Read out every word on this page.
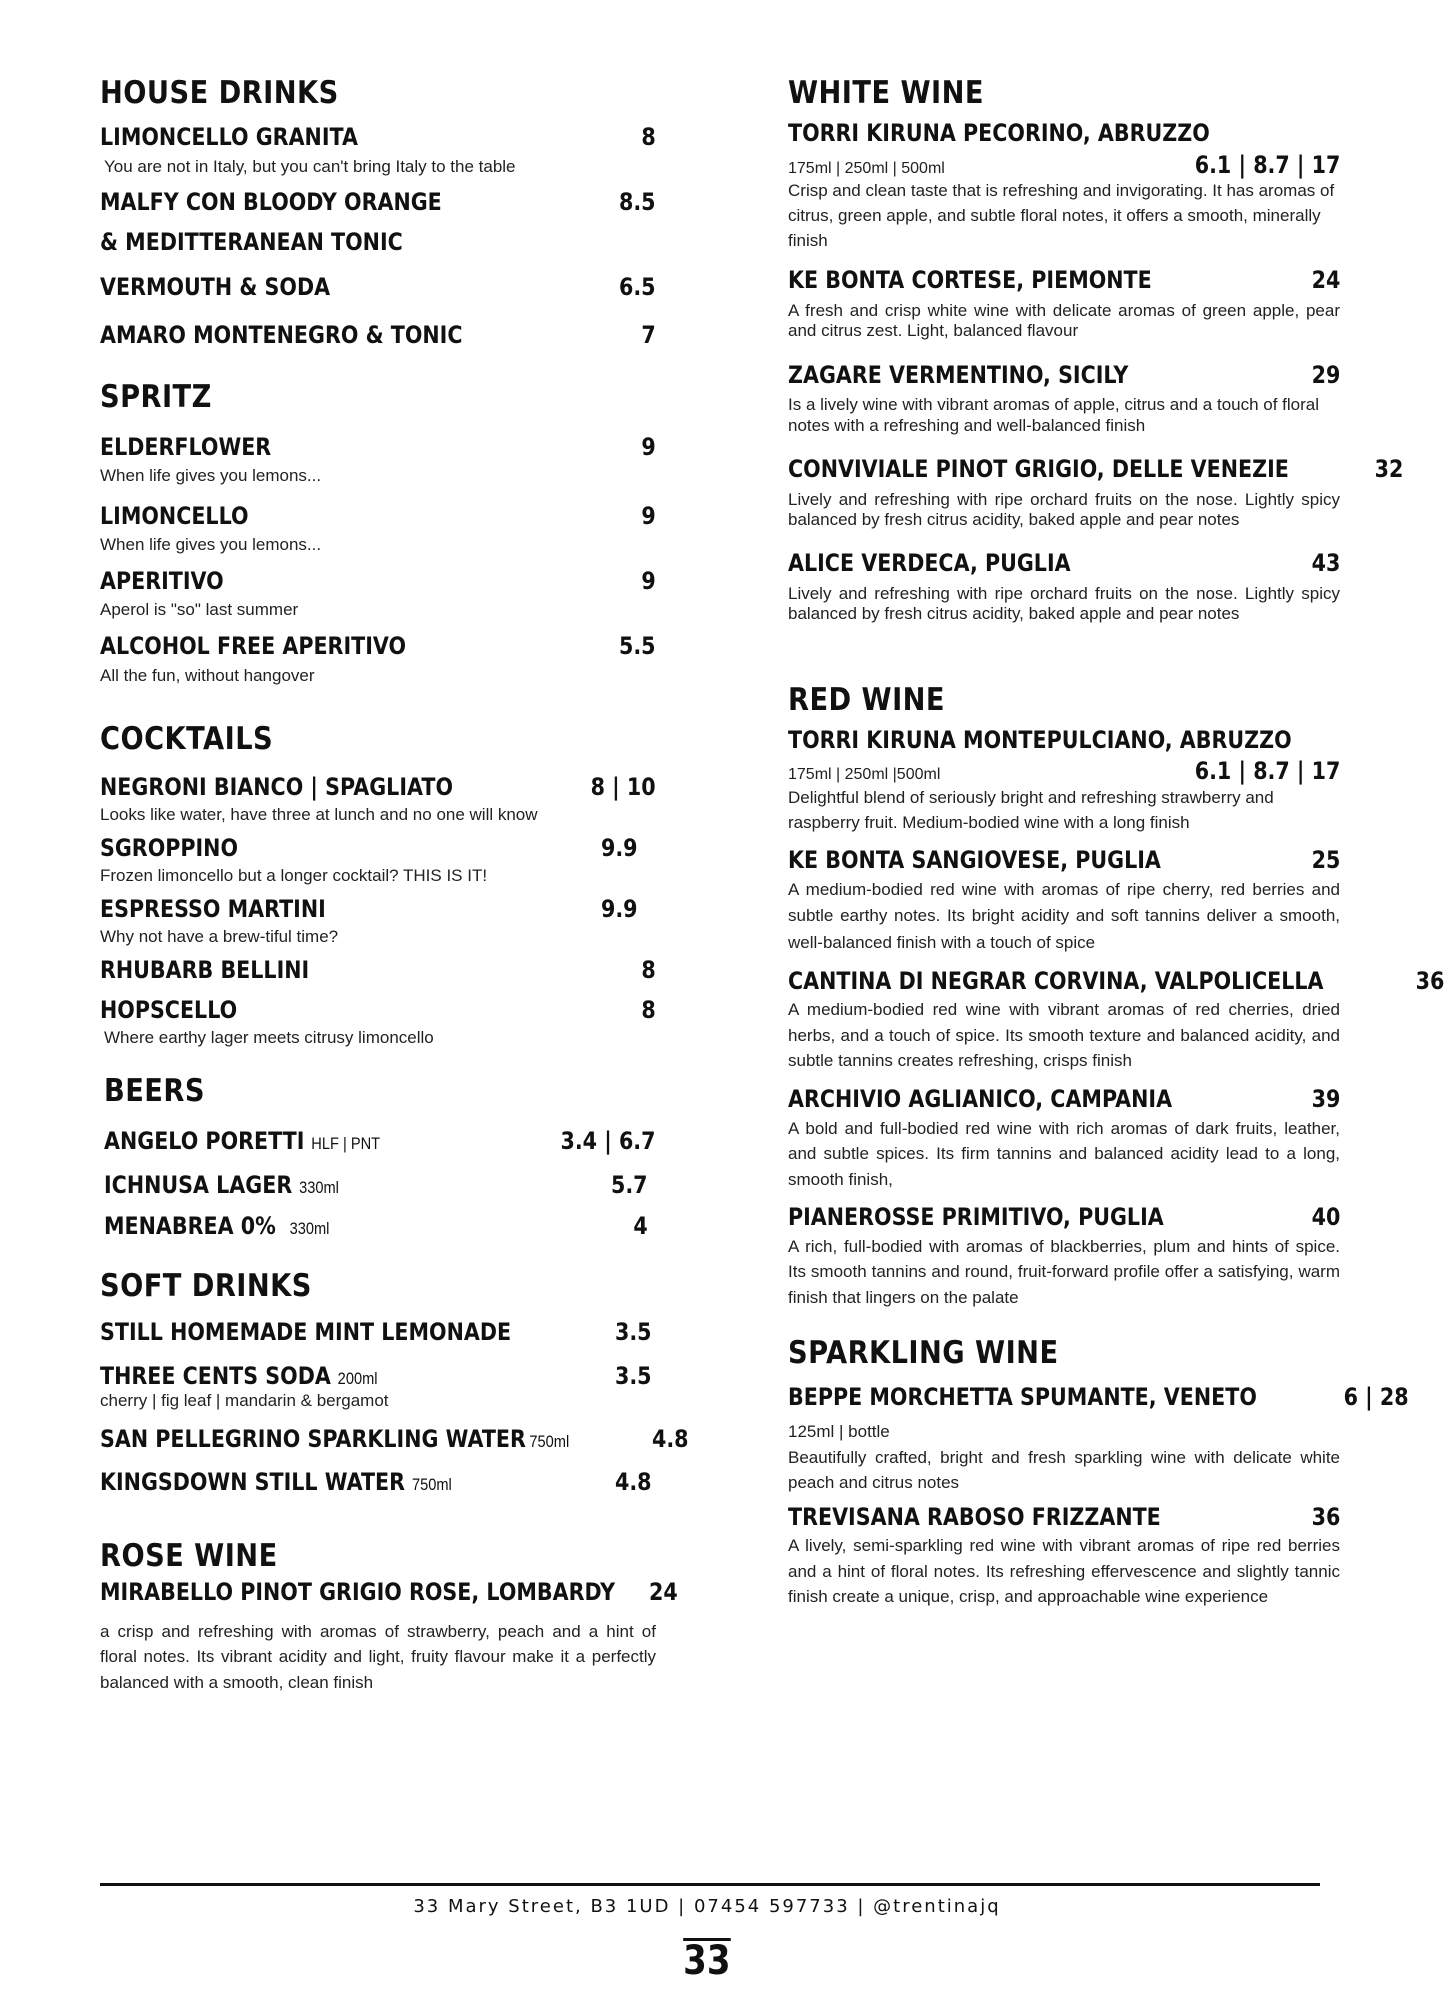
HOUSE DRINKS
LIMONCELLO GRANITA	8
You are not in Italy, but you can't bring Italy to the table
MALFY CON BLOODY ORANGE	8.5
& MEDITTERANEAN TONIC
VERMOUTH & SODA	6.5
AMARO MONTENEGRO & TONIC	7
SPRITZ
ELDERFLOWER	9
When life gives you lemons...
LIMONCELLO	9
When life gives you lemons...
APERITIVO	9
Aperol is "so" last summer
ALCOHOL FREE APERITIVO	5.5
All the fun, without hangover
COCKTAILS
NEGRONI BIANCO | SPAGLIATO	8 | 10
Looks like water, have three at lunch and no one will know
SGROPPINO	9.9
Frozen limoncello but a longer cocktail? THIS IS IT!
ESPRESSO MARTINI	9.9
Why not have a brew-tiful time?
RHUBARB BELLINI	8
HOPSCELLO	8
Where earthy lager meets citrusy limoncello
BEERS
ANGELO PORETTI HLF | PNT	3.4 | 6.7
ICHNUSA LAGER 330ml	5.7
MENABREA 0% 330ml	4
SOFT DRINKS
STILL HOMEMADE MINT LEMONADE	3.5
THREE CENTS SODA 200ml	3.5
cherry | fig leaf | mandarin & bergamot
SAN PELLEGRINO SPARKLING WATER 750ml	4.8
KINGSDOWN STILL WATER 750ml	4.8
ROSE WINE
MIRABELLO PINOT GRIGIO ROSE, LOMBARDY 24
a crisp and refreshing with aromas of strawberry, peach and a hint of floral notes. Its vibrant acidity and light, fruity flavour make it a perfectly balanced with a smooth, clean finish
WHITE WINE
TORRI KIRUNA PECORINO, ABRUZZO
175ml | 250ml | 500ml	6.1 | 8.7 | 17
Crisp and clean taste that is refreshing and invigorating. It has aromas of citrus, green apple, and subtle floral notes, it offers a smooth, minerally finish
KE BONTA CORTESE, PIEMONTE	24
A fresh and crisp white wine with delicate aromas of green apple, pear and citrus zest. Light, balanced flavour
ZAGARE VERMENTINO, SICILY	29
Is a lively wine with vibrant aromas of apple, citrus and a touch of floral notes with a refreshing and well-balanced finish
CONVIVIALE PINOT GRIGIO, DELLE VENEZIE	32
Lively and refreshing with ripe orchard fruits on the nose. Lightly spicy balanced by fresh citrus acidity, baked apple and pear notes
ALICE VERDECA, PUGLIA	43
Lively and refreshing with ripe orchard fruits on the nose. Lightly spicy balanced by fresh citrus acidity, baked apple and pear notes
RED WINE
TORRI KIRUNA MONTEPULCIANO, ABRUZZO
175ml | 250ml |500ml	6.1 | 8.7 | 17
Delightful blend of seriously bright and refreshing strawberry and raspberry fruit. Medium-bodied wine with a long finish
KE BONTA SANGIOVESE, PUGLIA	25
A medium-bodied red wine with aromas of ripe cherry, red berries and subtle earthy notes. Its bright acidity and soft tannins deliver a smooth, well-balanced finish with a touch of spice
CANTINA DI NEGRAR CORVINA, VALPOLICELLA	36
A medium-bodied red wine with vibrant aromas of red cherries, dried herbs, and a touch of spice. Its smooth texture and balanced acidity, and subtle tannins creates refreshing, crisps finish
ARCHIVIO AGLIANICO, CAMPANIA	39
A bold and full-bodied red wine with rich aromas of dark fruits, leather, and subtle spices. Its firm tannins and balanced acidity lead to a long, smooth finish,
PIANEROSSE PRIMITIVO, PUGLIA	40
A rich, full-bodied with aromas of blackberries, plum and hints of spice. Its smooth tannins and round, fruit-forward profile offer a satisfying, warm finish that lingers on the palate
SPARKLING WINE
BEPPE MORCHETTA SPUMANTE, VENETO	6 | 28
125ml | bottle
Beautifully crafted, bright and fresh sparkling wine with delicate white peach and citrus notes
TREVISANA RABOSO FRIZZANTE	36
A lively, semi-sparkling red wine with vibrant aromas of ripe red berries and a hint of floral notes. Its refreshing effervescence and slightly tannic finish create a unique, crisp, and approachable wine experience
33 Mary Street, B3 1UD | 07454 597733 | @trentinajq
33
